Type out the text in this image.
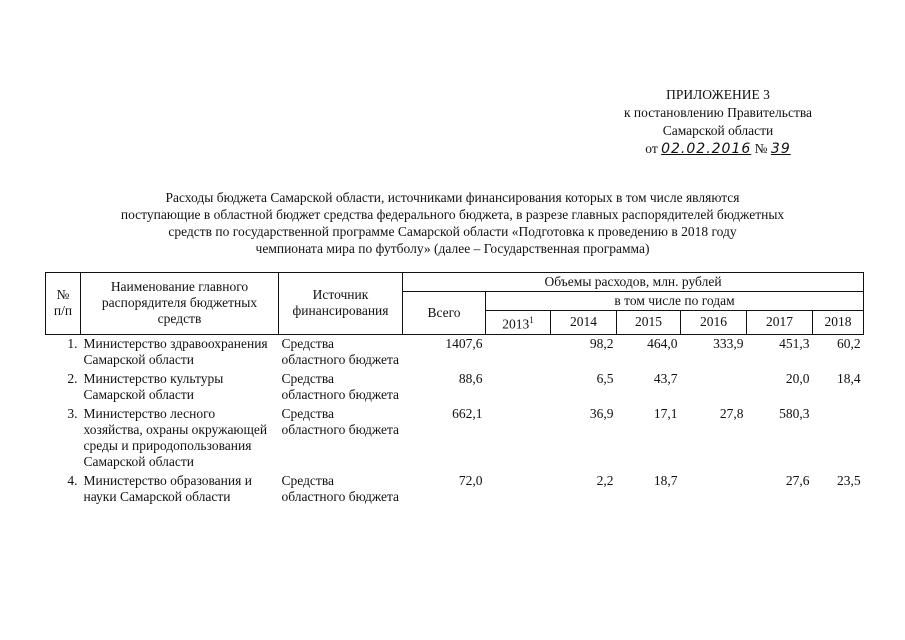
ПРИЛОЖЕНИЕ 3
к постановлению Правительства
Самарской области
от 02.02.2016 № 39
Расходы бюджета Самарской области, источниками финансирования которых в том числе являются
поступающие в областной бюджет средства федерального бюджета, в разрезе главных распорядителей бюджетных
средств по государственной программе Самарской области «Подготовка к проведению в 2018 году
чемпионата мира по футболу» (далее – Государственная программа)
№
п/п	Наименование главного распорядителя бюджетных средств	Источник финансирования	Объемы расходов, млн. рублей						
			Всего	в том числе по годам					
				2013$^1$	2014	2015	2016	2017	2018
1.	Министерство здравоохранения Самарской области	Средства областного бюджета	1407,6		98,2	464,0	333,9	451,3	60,2
2.	Министерство культуры Самарской области	Средства областного бюджета	88,6		6,5	43,7		20,0	18,4
3.	Министерство лесного хозяйства, охраны окружающей среды и природопользования Самарской области	Средства областного бюджета	662,1		36,9	17,1	27,8	580,3	
4.	Министерство образования и науки Самарской области	Средства областного бюджета	72,0		2,2	18,7		27,6	23,5
